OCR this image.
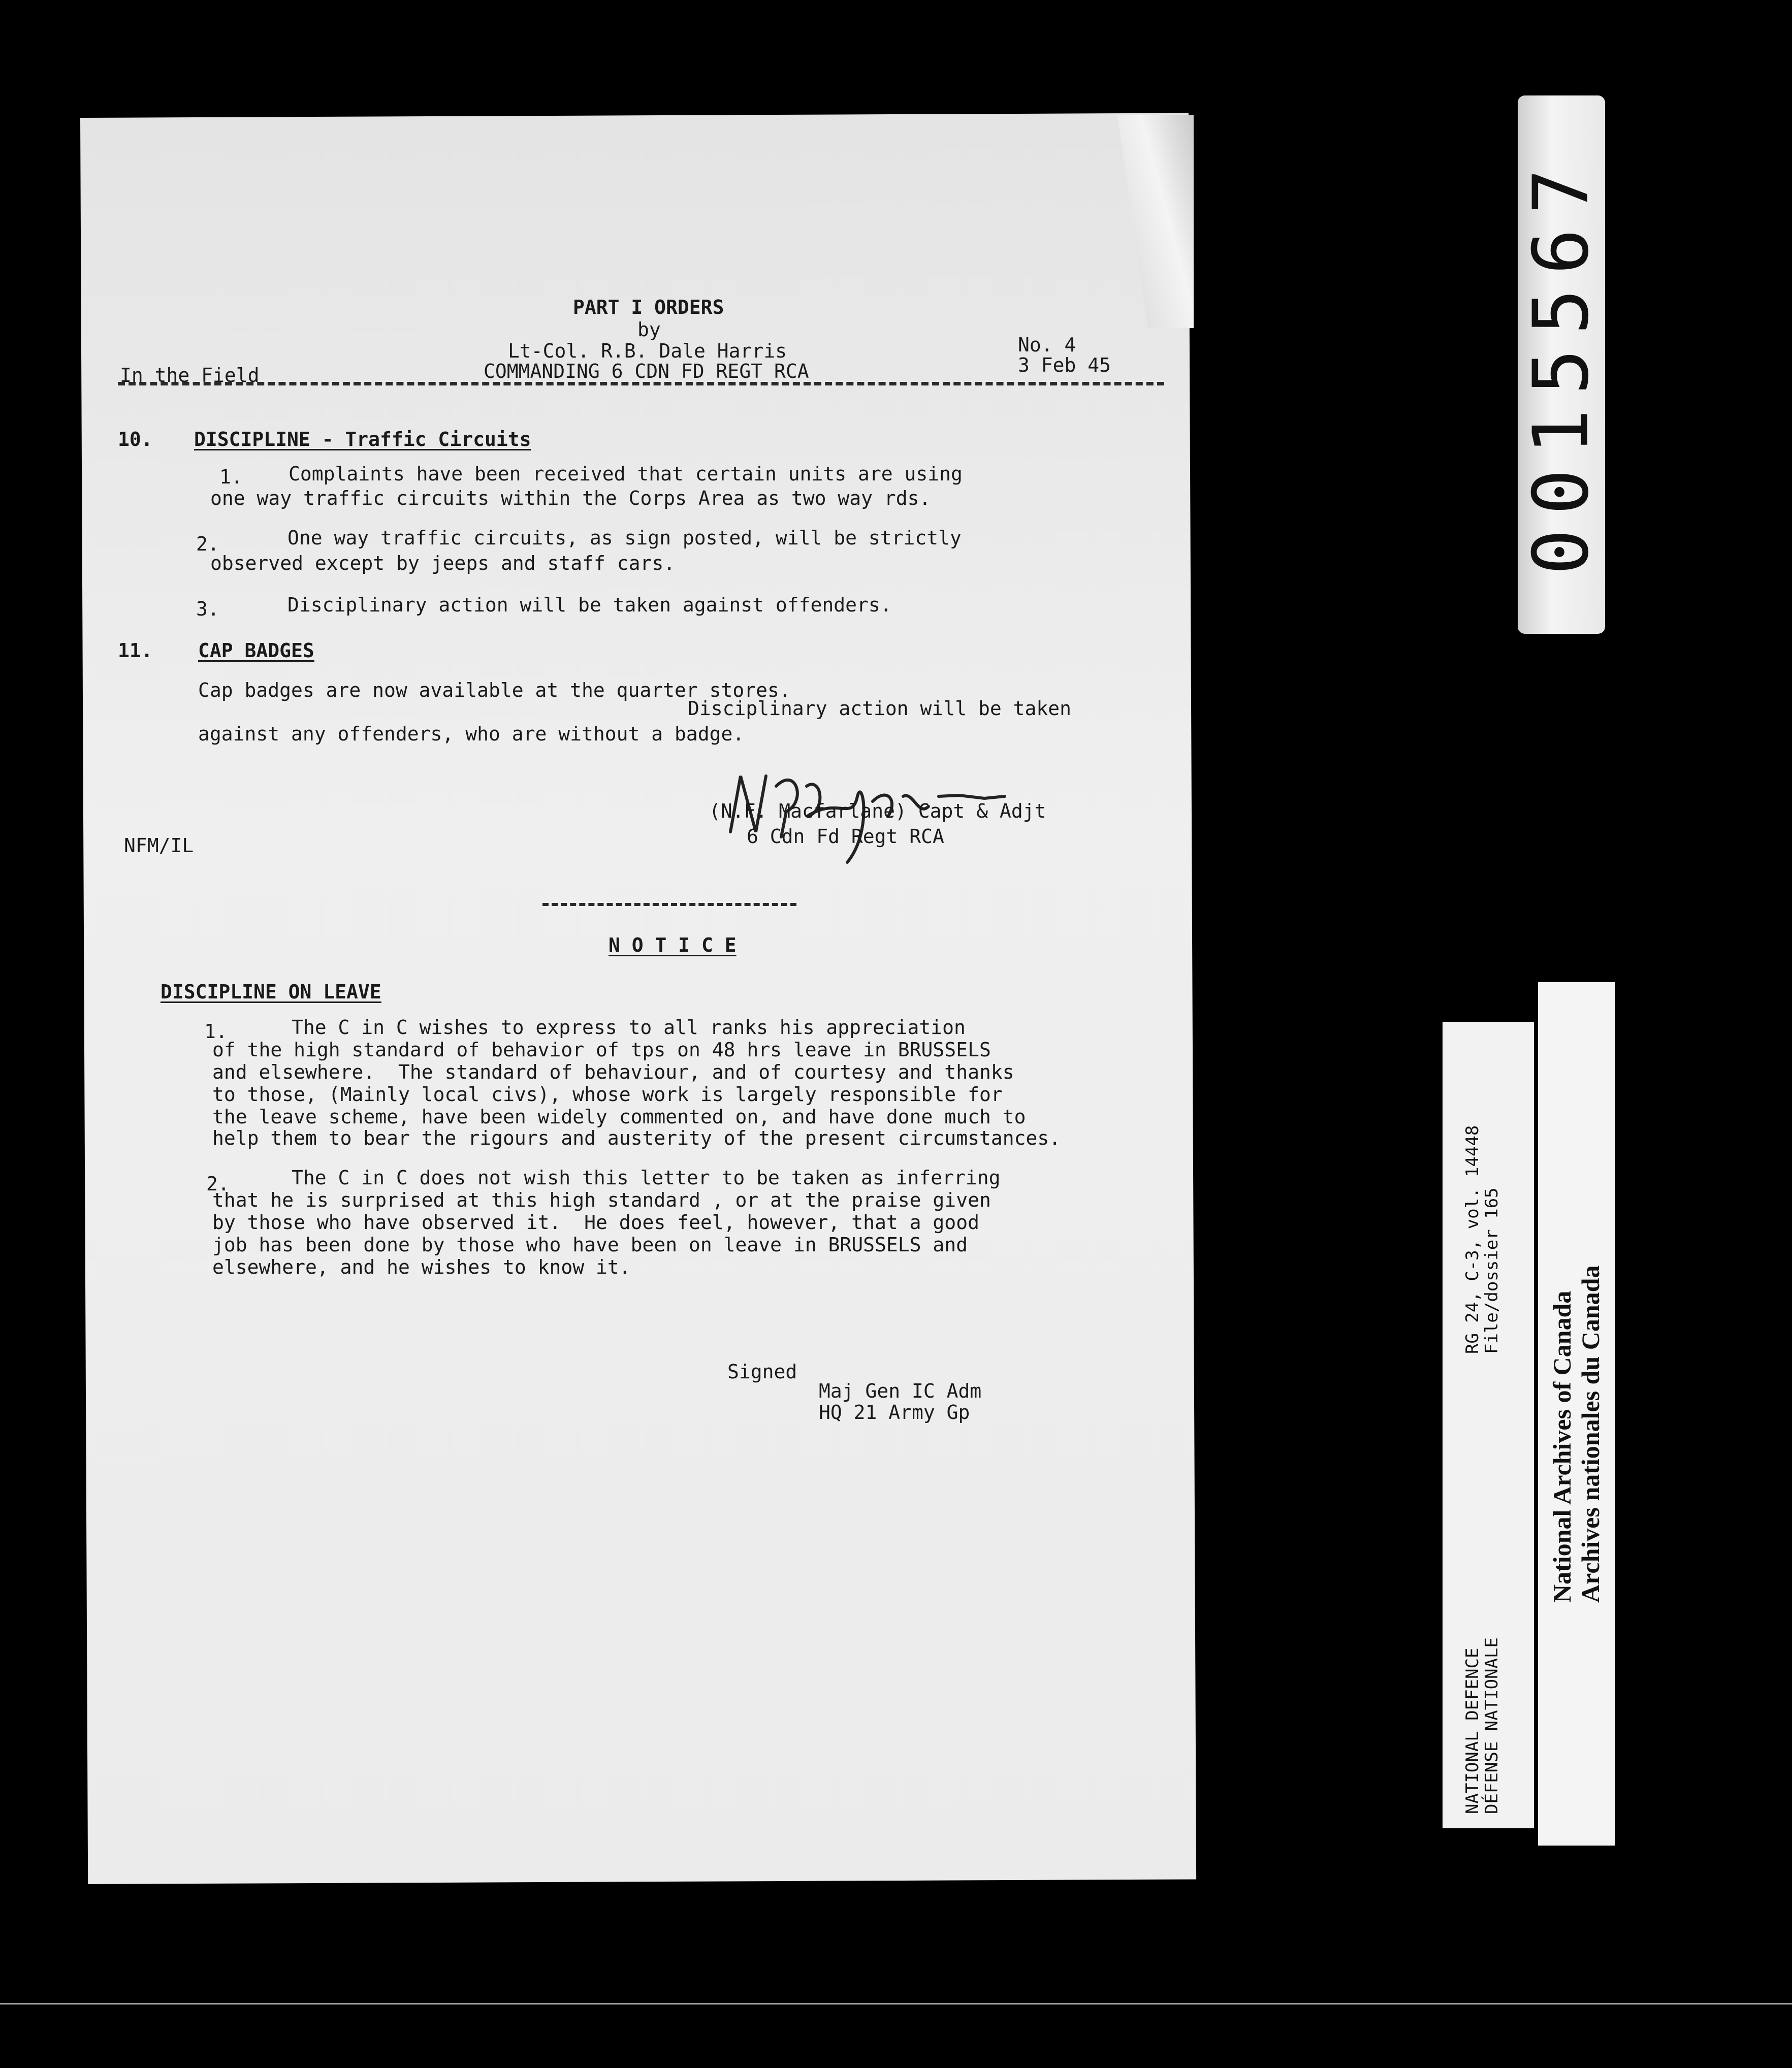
PART I ORDERS
by
Lt-Col. R.B. Dale Harris
COMMANDING 6 CDN FD REGT RCA
In the Field
No. 4
3 Feb 45
10. DISCIPLINE - Traffic Circuits
1. Complaints have been received that certain units are using
one way traffic circuits within the Corps Area as two way rds.
2.	One way traffic circuits, as sign posted, will be strictly
observed except by jeeps and staff cars.
3.	Disciplinary action will be taken against offenders.
11. CAP BADGES
Cap badges are now available at the quarter stores.
Disciplinary action will be taken
against any offenders, who are without a badge.
(N.F. Macfarlane) Capt & Adjt
6 Cdn Fd Regt RCA
NFM/IL
N O T I C E
DISCIPLINE ON LEAVE
1.	The C in C wishes to express to all ranks his appreciation
of the high standard of behavior of tps on 48 hrs leave in BRUSSELS
and elsewhere.  The standard of behaviour, and of courtesy and thanks
to those, (Mainly local civs), whose work is largely responsible for
the leave scheme, have been widely commented on, and have done much to
help them to bear the rigours and austerity of the present circumstances.
2.	The C in C does not wish this letter to be taken as inferring
that he is surprised at this high standard , or at the praise given
by those who have observed it.  He does feel, however, that a good
job has been done by those who have been on leave in BRUSSELS and
elsewhere, and he wishes to know it.
Signed
Maj Gen IC Adm
HQ 21 Army Gp
0015567
NATIONAL DEFENCE
DÉFENSE NATIONALE
RG 24, C-3, vol. 14448
File/dossier 165
National Archives of Canada Archives nationales du Canada
